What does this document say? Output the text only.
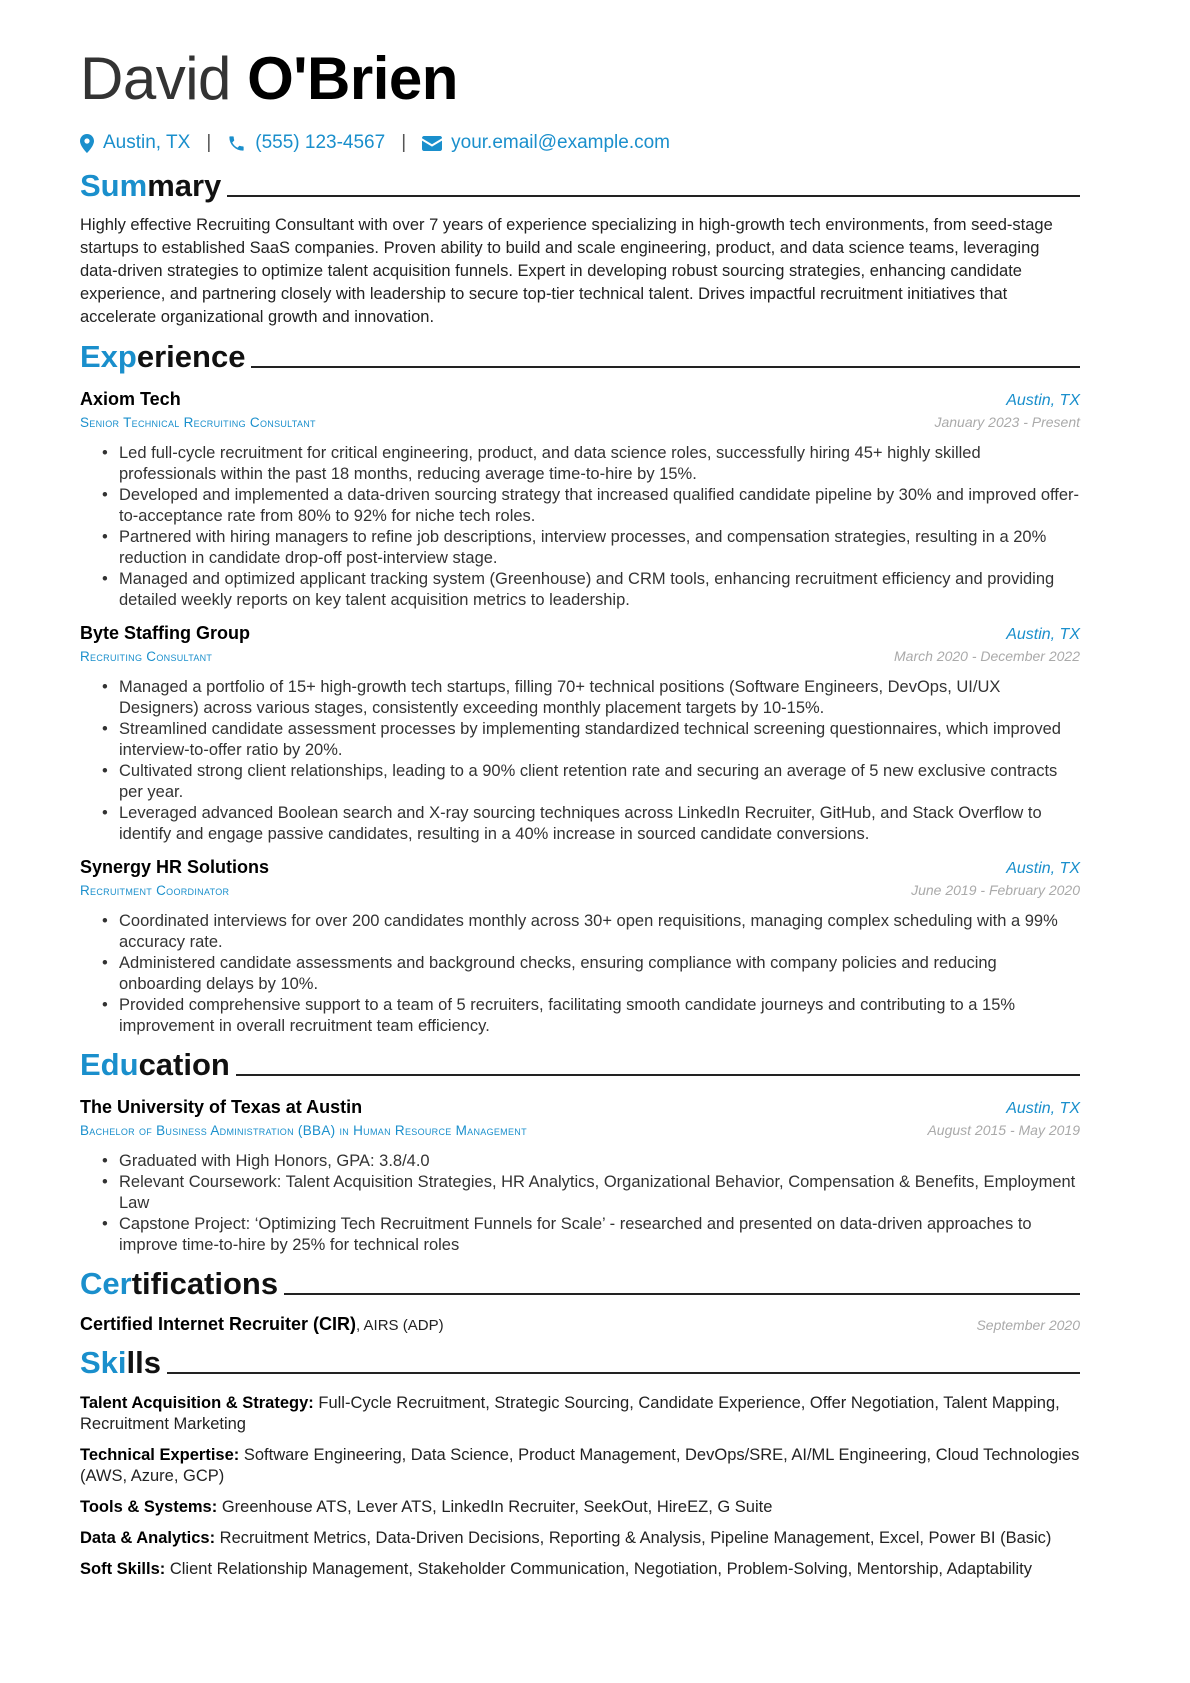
David O'Brien
Austin, TX | (555) 123-4567 | your.email@example.com
Summary

Highly effective Recruiting Consultant with over 7 years of experience specializing in high-growth tech environments, from seed-stage startups to established SaaS companies. Proven ability to build and scale engineering, product, and data science teams, leveraging data-driven strategies to optimize talent acquisition funnels. Expert in developing robust sourcing strategies, enhancing candidate experience, and partnering closely with leadership to secure top-tier technical talent. Drives impactful recruitment initiatives that accelerate organizational growth and innovation.

Experience
Axiom Tech	Austin, TX
Senior Technical Recruiting Consultant	January 2023 - Present
• Led full-cycle recruitment for critical engineering, product, and data science roles, successfully hiring 45+ highly skilled professionals within the past 18 months, reducing average time-to-hire by 15%.
• Developed and implemented a data-driven sourcing strategy that increased qualified candidate pipeline by 30% and improved offer-to-acceptance rate from 80% to 92% for niche tech roles.
• Partnered with hiring managers to refine job descriptions, interview processes, and compensation strategies, resulting in a 20% reduction in candidate drop-off post-interview stage.
• Managed and optimized applicant tracking system (Greenhouse) and CRM tools, enhancing recruitment efficiency and providing detailed weekly reports on key talent acquisition metrics to leadership.
Byte Staffing Group	Austin, TX
Recruiting Consultant	March 2020 - December 2022
• Managed a portfolio of 15+ high-growth tech startups, filling 70+ technical positions (Software Engineers, DevOps, UI/UX Designers) across various stages, consistently exceeding monthly placement targets by 10-15%.
• Streamlined candidate assessment processes by implementing standardized technical screening questionnaires, which improved interview-to-offer ratio by 20%.
• Cultivated strong client relationships, leading to a 90% client retention rate and securing an average of 5 new exclusive contracts per year.
• Leveraged advanced Boolean search and X-ray sourcing techniques across LinkedIn Recruiter, GitHub, and Stack Overflow to identify and engage passive candidates, resulting in a 40% increase in sourced candidate conversions.
Synergy HR Solutions	Austin, TX
Recruitment Coordinator	June 2019 - February 2020
• Coordinated interviews for over 200 candidates monthly across 30+ open requisitions, managing complex scheduling with a 99% accuracy rate.
• Administered candidate assessments and background checks, ensuring compliance with company policies and reducing onboarding delays by 10%.
• Provided comprehensive support to a team of 5 recruiters, facilitating smooth candidate journeys and contributing to a 15% improvement in overall recruitment team efficiency.
Education
The University of Texas at Austin	Austin, TX
Bachelor of Business Administration (BBA) in Human Resource Management	August 2015 - May 2019
• Graduated with High Honors, GPA: 3.8/4.0
• Relevant Coursework: Talent Acquisition Strategies, HR Analytics, Organizational Behavior, Compensation & Benefits, Employment Law
• Capstone Project: ‘Optimizing Tech Recruitment Funnels for Scale’ - researched and presented on data-driven approaches to improve time-to-hire by 25% for technical roles
Certifications
Certified Internet Recruiter (CIR), AIRS (ADP)	September 2020
Skills

Talent Acquisition & Strategy: Full-Cycle Recruitment, Strategic Sourcing, Candidate Experience, Offer Negotiation, Talent Mapping, Recruitment Marketing

Technical Expertise: Software Engineering, Data Science, Product Management, DevOps/SRE, AI/ML Engineering, Cloud Technologies (AWS, Azure, GCP)

Tools & Systems: Greenhouse ATS, Lever ATS, LinkedIn Recruiter, SeekOut, HireEZ, G Suite

Data & Analytics: Recruitment Metrics, Data-Driven Decisions, Reporting & Analysis, Pipeline Management, Excel, Power BI (Basic)

Soft Skills: Client Relationship Management, Stakeholder Communication, Negotiation, Problem-Solving, Mentorship, Adaptability
